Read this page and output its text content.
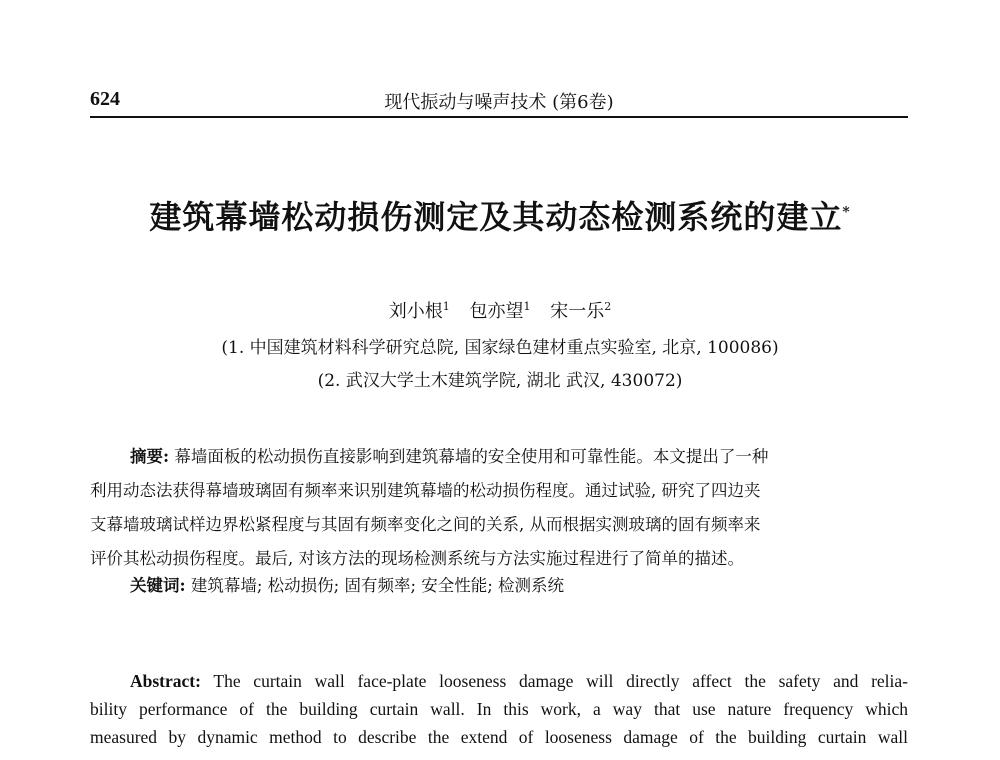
624	现代振动与噪声技术 (第6卷)
建筑幕墙松动损伤测定及其动态检测系统的建立*
刘小根$^1$ 包亦望$^1$ 宋一乐$^2$
(1. 中国建筑材料科学研究总院, 国家绿色建材重点实验室, 北京, 100086)
(2. 武汉大学土木建筑学院, 湖北 武汉, 430072)
摘要: 幕墙面板的松动损伤直接影响到建筑幕墙的安全使用和可靠性能。本文提出了一种
利用动态法获得幕墙玻璃固有频率来识别建筑幕墙的松动损伤程度。通过试验, 研究了四边夹
支幕墙玻璃试样边界松紧程度与其固有频率变化之间的关系, 从而根据实测玻璃的固有频率来
评价其松动损伤程度。最后, 对该方法的现场检测系统与方法实施过程进行了简单的描述。
关键词: 建筑幕墙; 松动损伤; 固有频率; 安全性能; 检测系统
Abstract: The curtain wall face-plate looseness damage will directly affect the safety and relia-
bility performance of the building curtain wall. In this work, a way that use nature frequency which
measured by dynamic method to describe the extend of looseness damage of the building curtain wall
